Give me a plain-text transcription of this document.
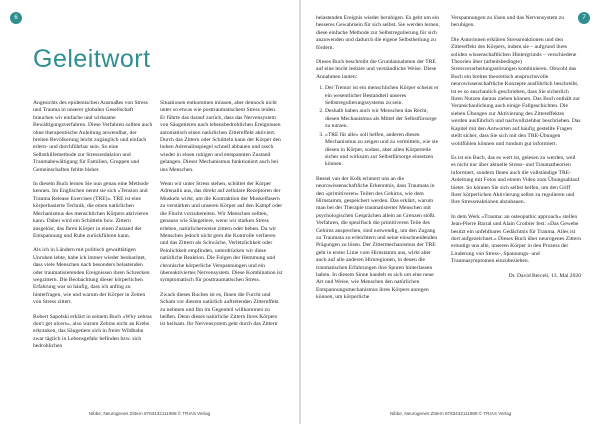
6
Geleitwort

Angesichts des epidemischen Ausmaßes von Stress und Trauma in unserer globalen Gesellschaft brauchen wir einfache und wirksame Bewältigungsverfahren. Diese Verfahren sollten auch ohne therapeutische Anleitung anwendbar, der breiten Bevölkerung leicht zugänglich und einfach erlern- und durchführbar sein. So eine Selbsthilfemethode zur Stressreduktion und Traumabewältigung für Familien, Gruppen und Gemeinschaften fehlte bisher.

In diesem Buch lernen Sie nun genau eine Methode kennen. Im Englischen nennt sie sich »Tension and Trauma Release Exercises (TRE)«. TRE ist eine körperbasierte Technik, die einen natürlichen Mechanismus des menschlichen Körpers aktivieren kann. Dabei wird ein Schütteln bzw. Zittern ausgelöst, das Ihren Körper in einen Zustand der Entspannung und Ruhe zurückführen kann.

Als ich in Ländern mit politisch gewalttätigen Unruhen lebte, habe ich immer wieder beobachtet, dass viele Menschen nach besonders belastenden oder traumatisierenden Ereignissen ihren Schrecken wegzittern. Die Beobachtung dieser körperlichen Erfahrung war so häufig, dass ich anfing zu hinterfragen, wie und warum der Körper in Zeiten von Stress zittert.

Robert Sapolski erklärt in seinem Buch »Why zebras don't get ulcers«, also warum Zebras nicht an Krebs erkranken, das Säugetiere sich in freier Wildbahn zwar täglich in Lebensgefahr befinden bzw. sich bedrohlichen

Situationen entkommen müssen, aber dennoch nicht unter so etwas wie posttraumatischem Stress leiden. Er führte das darauf zurück, dass das Nervensystem von Säugetieren nach lebensbedrohlichen Ereignissen automatisch einen natürlichen Zittereffekt aktiviert. Durch das Zittern oder Schütteln kann der Körper den hohen Adrenalinspiegel schnell abbauen und rasch wieder in einen ruhigen und entspannten Zustand gelangen. Dieser Mechanismus funktioniert auch bei uns Menschen.

Wenn wir unter Stress stehen, schüttet der Körper Adrenalin aus, das direkt auf zellulare Rezeptoren der Muskeln wirkt, um die Kontraktion der Muskelfasern zu verstärken und unseren Körper auf den Kampf oder die Flucht vorzubereiten. Wir Menschen sollten, genauso wie Säugetiere, wenn wir starken Stress erleben, natürlicherweise zittern oder beben. Da wir Menschen jedoch nicht gern die Kontrolle verlieren und das Zittern als Schwäche, Verletzlichkeit oder Peinlichkeit empfinden, unterdrücken wir diese natürliche Reaktion. Die Folgen der Hemmung und chronische körperliche Verspannungen und ein übereaktiviertes Nervensystem. Diese Kombination ist symptomatisch für posttraumatischen Stress.

Zwack dieses Buches ist es, Ihnen die Furcht und Scham vor diesem natürlich auftretenden Zittereffekt zu nehmen und Ihn im Gegenteil willkommen zu heißen. Denn dieses natürliche Zittern Ihres Körpers ist heilsam. Ihr Nervensystem geht durch das Zittern

Nibbe, Neurogenes Zittern 9783432111988 © TRIAS Verlag
7

belastenden Ereignis wieder beruhigen. Es geht um ein besseres Gewahrsein für sich selbst. Sie werden lernen, diese einfache Methode zur Selbstregulierung für sich anzuwenden und dadurch die eigene Selbstheilung zu fördern.

Dieses Buch beschreibt die Grundannahmen der TRE auf eine leicht lesbare und verständliche Weise. Diese Annahmen lauten:

1. Der Tremor ist ein menschlichen Körper scheint er ein wesentlicher Bestandteil unseres Selbstregulierungssystems zu sein.
2. Deshalb haben auch wir Menschen das Recht, diesen Mechanismus als Mittel der Selbstfürsorge zu nutzen.
3. »TRE für alle« soll helfen, anderen diesen Mechanismus zu zeigen und zu vermitteln, wie sie diesen in Körper, sodass, aber allen Körperteile sicher und wirksam zur Selbstfürsorge einsetzen können.

Bessel van der Kolk erinnert uns an die neurowissenschaftliche Erkenntnis, dass Traumata in den »primitiveren« Teilen des Gehirns, wie dem Hirnstamm, gespeichert werden. Das erklärt, warum man bei der Therapie traumatisierter Menschen mit psychologischen Gesprächen allein an Grenzen stößt. Verfahren, die spezifisch die primitiveren Teile des Gehirns ansprechen, sind notwendig, um den Zugang zu Traumata zu erleichtern und seine einschneidenden Prägungen zu lösen. Der Zittermechanismus der TRE geht in erster Linie vom Hirnstamm aus, wirkt aber auch auf alle anderen Hirnregionen, in denen die traumatischen Erfahrungen ihre Spuren hinterlassen haben. In diesem Sinne handelt es sich um eine neue Art und Weise, wie Menschen den natürlichen Entspannungsmechanismus ihres Körpers anregen können, um körperliche

Verspannungen zu lösen und das Nervensystem zu beruhigen.

Die Autorinnen erklären Stressreaktionen und den Zittereffekt des Körpers, indem sie – aufgrund ihres soliden wissenschaftlichen Hintergrunds – verschiedene Theorien über (arbeitsbedingte) Stressverarbeitungsstörungen kombinieren. Obwohl das Buch ein breites theoretisch anspruchsvolle neurowissenschaftliche Konzepte ausführlich beschreibt, ist es so anschaulich geschrieben, dass Sie sicherlich Ihren Nutzen daraus ziehen können. Das Buch enthält zur Veranschaulichung auch einige Fallgeschichten. Die sieben Übungen zur Aktivierung des Zittereffektes werden ausführlich und nachvollziehbar beschrieben. Das Kapitel mit den Antworten auf häufig gestellte Fragen stellt sicher, dass Sie sich mit den TRE-Übungen wohlfühlen können und rundum gut informiert.

Es ist ein Buch, das es wert ist, gelesen zu werden, weil es nicht nur über aktuelle Stress- und Traumatheorien informiert, sondern Ihnen auch die vollständige TRE-Anleitung mit Fotos und einem Video zum Übungsablauf bietet. So können Sie sich selbst helfen, um den Griff Ihrer körperlichen Aktivierung selbst zu regulieren und Ihre Stressreaktionen abzubauen.

In dem Werk »Trauma: an osteopathic approach« stellen Jean-Pierre Barral und Alain Croibier fest: »Das Gewebe besitzt ein unfehlbares Gedächtnis für Trauma. Alles ist dort aufgezeichnet.« Dieses Buch über neurogenes Zittern ermutigt uns alle, unseren Körper in den Prozess der Linderung von Stress-, Spannungs- und Traumasymptomen einzubeziehen.

Dr. David Berceli, 13. Mai 2020

Nibbe, Neurogenes Zittern 9783432111988 © TRIAS Verlag
